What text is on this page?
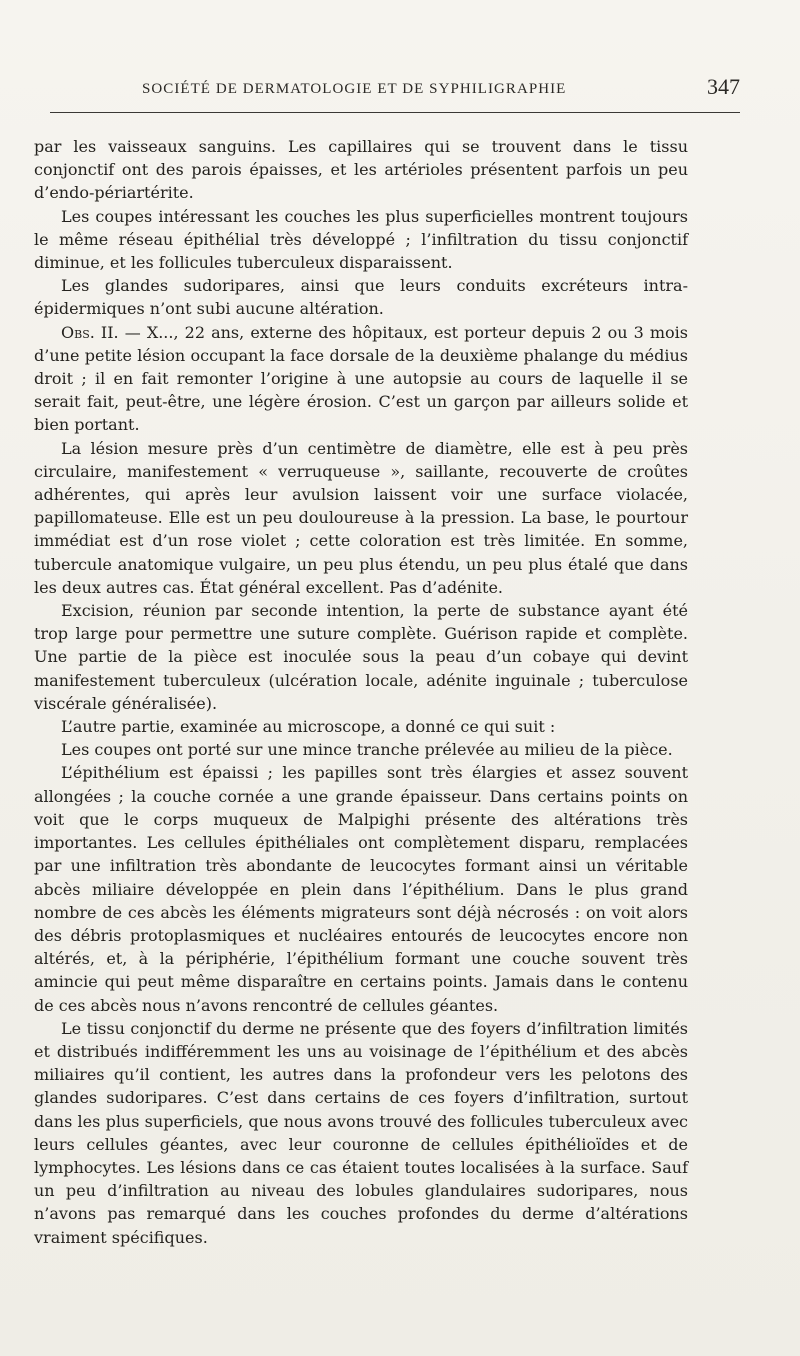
SOCIÉTÉ DE DERMATOLOGIE ET DE SYPHILIGRAPHIE	347

par les vaisseaux sanguins. Les capillaires qui se trouvent dans le tissu conjonctif ont des parois épaisses, et les artérioles présentent parfois un peu d’endo-périartérite.

Les coupes intéressant les couches les plus superficielles montrent toujours le même réseau épithélial très développé ; l’infiltration du tissu conjonctif diminue, et les follicules tuberculeux disparaissent.

Les glandes sudoripares, ainsi que leurs conduits excréteurs intra-épidermiques n’ont subi aucune altération.

Obs. II. — X..., 22 ans, externe des hôpitaux, est porteur depuis 2 ou 3 mois d’une petite lésion occupant la face dorsale de la deuxième phalange du médius droit ; il en fait remonter l’origine à une autopsie au cours de laquelle il se serait fait, peut-être, une légère érosion. C’est un garçon par ailleurs solide et bien portant.

La lésion mesure près d’un centimètre de diamètre, elle est à peu près circulaire, manifestement « verruqueuse », saillante, recouverte de croûtes adhérentes, qui après leur avulsion laissent voir une surface violacée, papillomateuse. Elle est un peu douloureuse à la pression. La base, le pourtour immédiat est d’un rose violet ; cette coloration est très limitée. En somme, tubercule anatomique vulgaire, un peu plus étendu, un peu plus étalé que dans les deux autres cas. État général excellent. Pas d’adénite.

Excision, réunion par seconde intention, la perte de substance ayant été trop large pour permettre une suture complète. Guérison rapide et complète. Une partie de la pièce est inoculée sous la peau d’un cobaye qui devint manifestement tuberculeux (ulcération locale, adénite inguinale ; tuberculose viscérale généralisée).

L’autre partie, examinée au microscope, a donné ce qui suit :

Les coupes ont porté sur une mince tranche prélevée au milieu de la pièce.

L’épithélium est épaissi ; les papilles sont très élargies et assez souvent allongées ; la couche cornée a une grande épaisseur. Dans certains points on voit que le corps muqueux de Malpighi présente des altérations très importantes. Les cellules épithéliales ont complètement disparu, remplacées par une infiltration très abondante de leucocytes formant ainsi un véritable abcès miliaire développée en plein dans l’épithélium. Dans le plus grand nombre de ces abcès les éléments migrateurs sont déjà nécrosés : on voit alors des débris protoplasmiques et nucléaires entourés de leucocytes encore non altérés, et, à la périphérie, l’épithélium formant une couche souvent très amincie qui peut même disparaître en certains points. Jamais dans le contenu de ces abcès nous n’avons rencontré de cellules géantes.

Le tissu conjonctif du derme ne présente que des foyers d’infiltration limités et distribués indifféremment les uns au voisinage de l’épithélium et des abcès miliaires qu’il contient, les autres dans la profondeur vers les pelotons des glandes sudoripares. C’est dans certains de ces foyers d’infiltration, surtout dans les plus superficiels, que nous avons trouvé des follicules tuberculeux avec leurs cellules géantes, avec leur couronne de cellules épithélioïdes et de lymphocytes. Les lésions dans ce cas étaient toutes localisées à la surface. Sauf un peu d’infiltration au niveau des lobules glandulaires sudoripares, nous n’avons pas remarqué dans les couches profondes du derme d’altérations vraiment spécifiques.
